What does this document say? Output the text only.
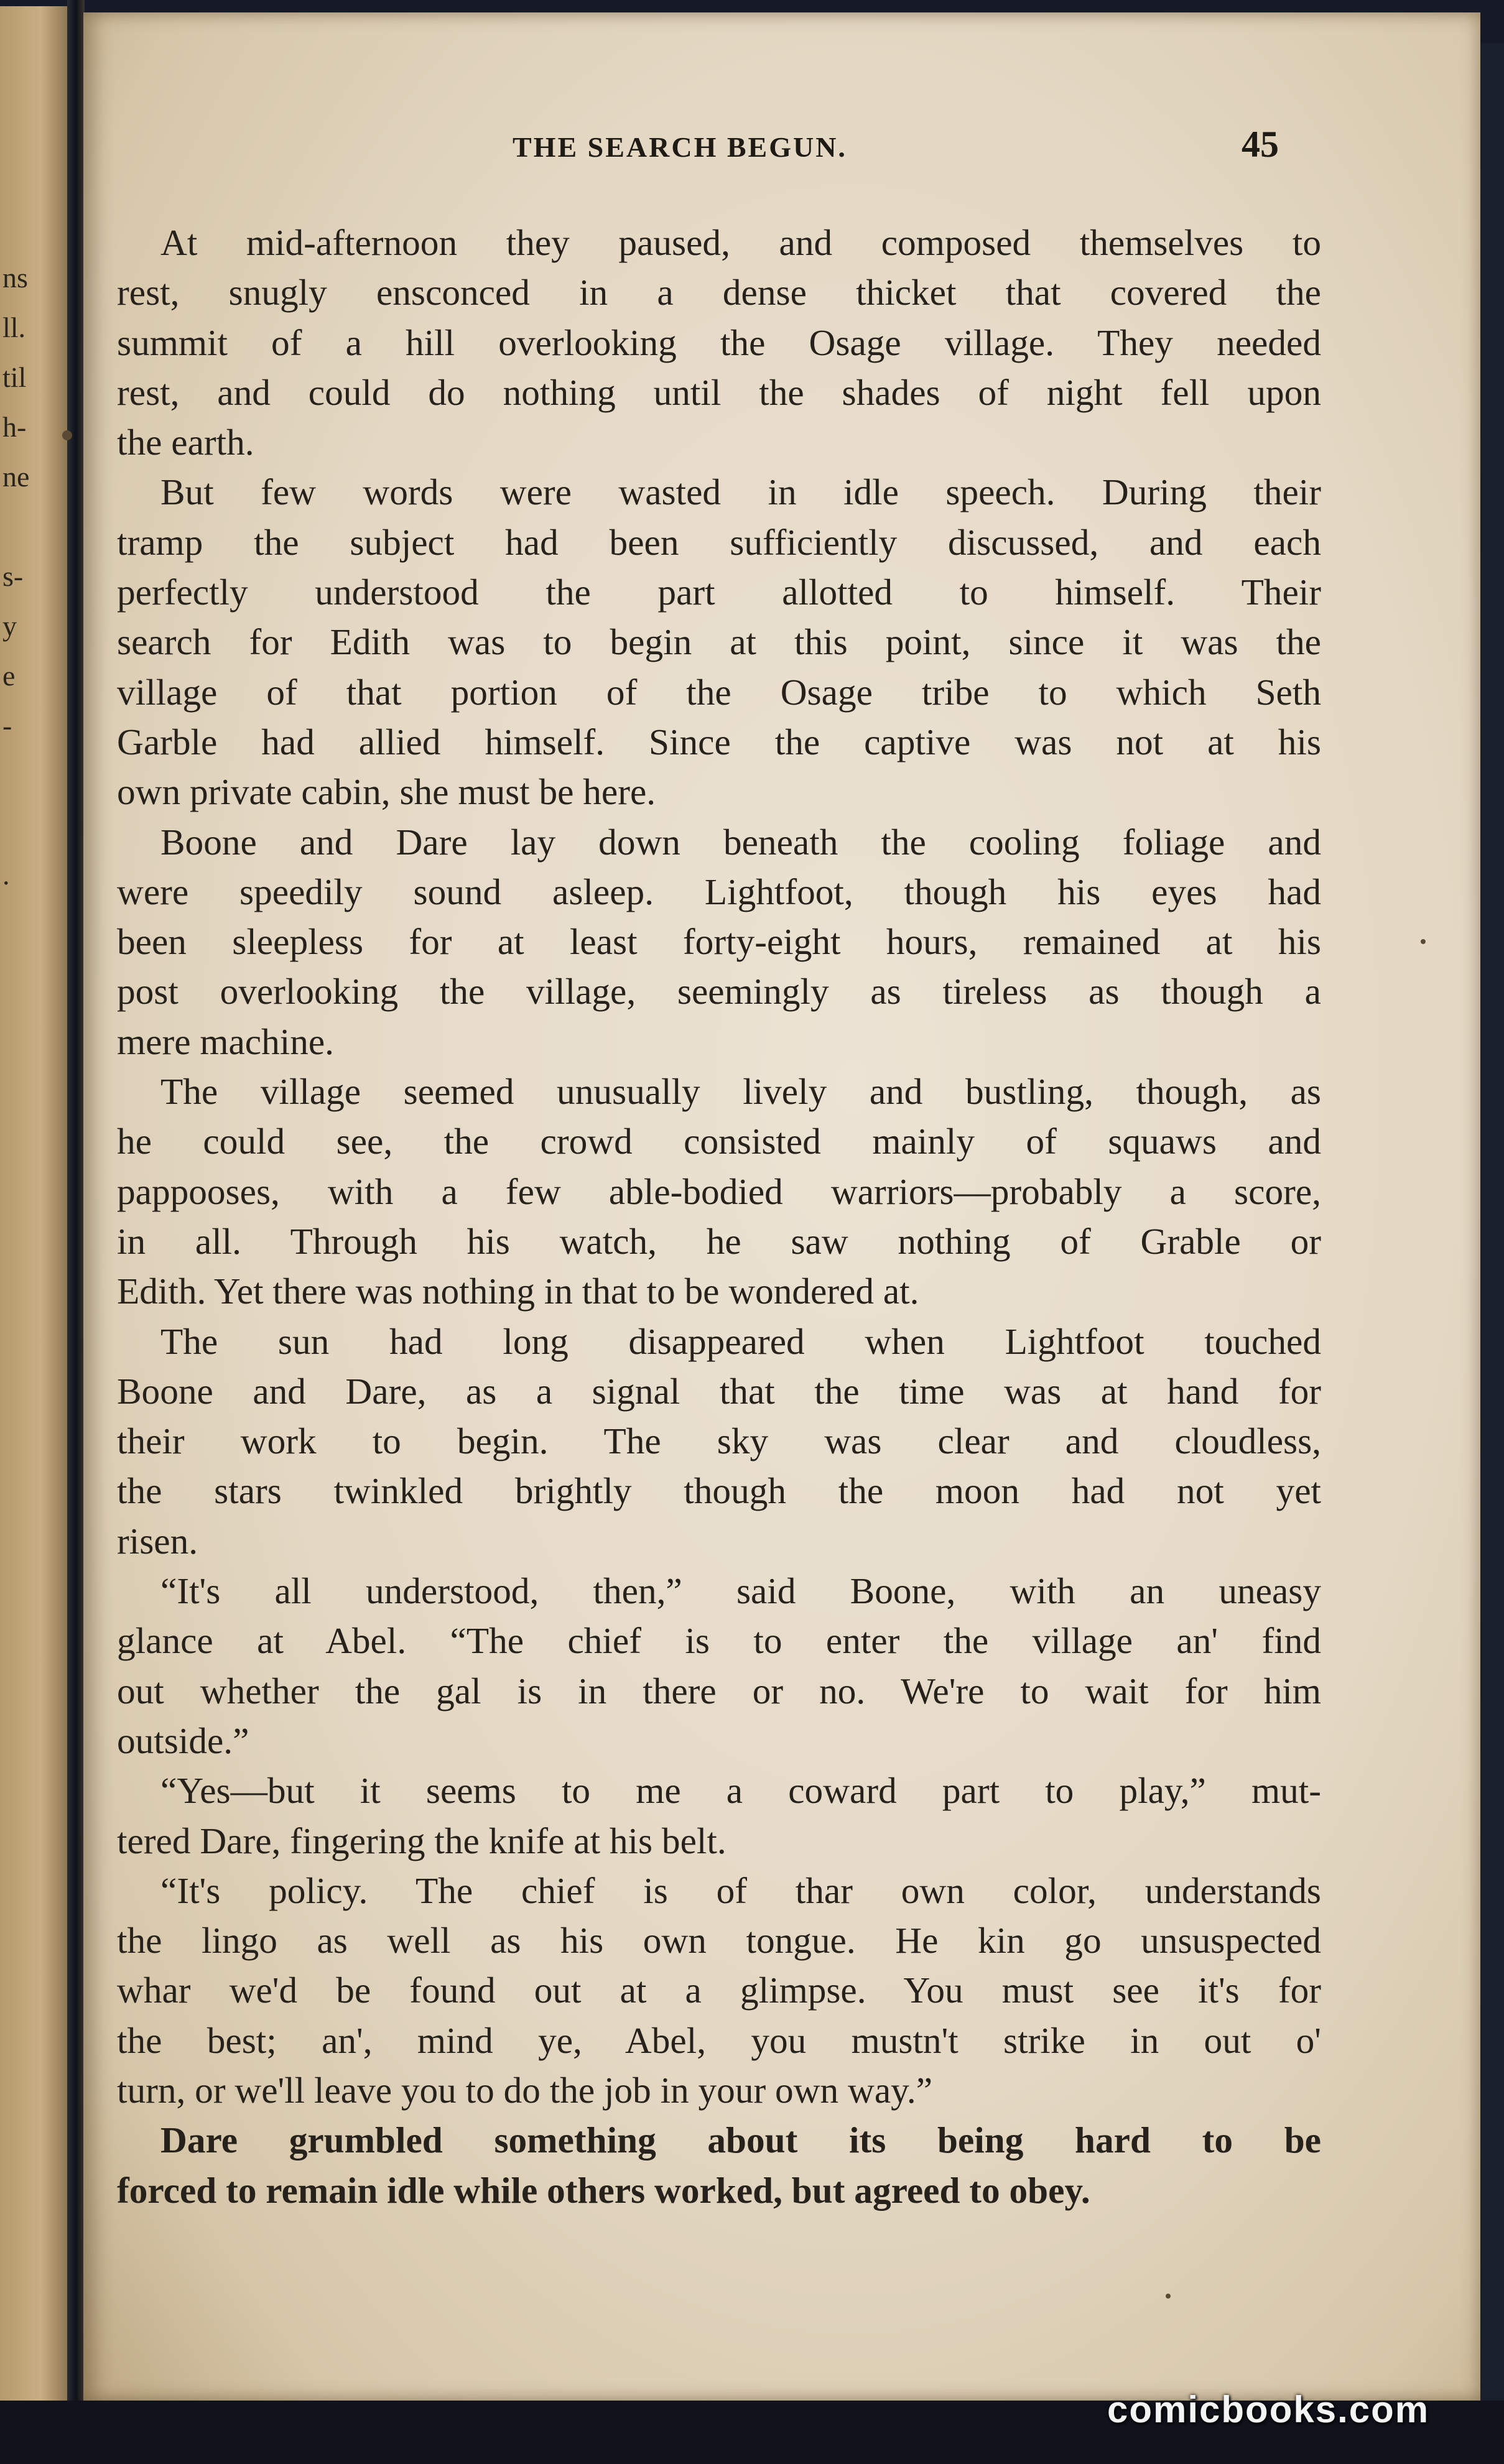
ns
ll.
til
h-
ne
s-
y
e
-
.
THE SEARCH BEGUN.	45
At mid-afternoon they paused, and composed themselves to
rest, snugly ensconced in a dense thicket that covered the
summit of a hill overlooking the Osage village. They needed
rest, and could do nothing until the shades of night fell upon
the earth.
But few words were wasted in idle speech. During their
tramp the subject had been sufficiently discussed, and each
perfectly understood the part allotted to himself. Their
search for Edith was to begin at this point, since it was the
village of that portion of the Osage tribe to which Seth
Garble had allied himself. Since the captive was not at his
own private cabin, she must be here.
Boone and Dare lay down beneath the cooling foliage and
were speedily sound asleep. Lightfoot, though his eyes had
been sleepless for at least forty-eight hours, remained at his
post overlooking the village, seemingly as tireless as though a
mere machine.
The village seemed unusually lively and bustling, though, as
he could see, the crowd consisted mainly of squaws and
pappooses, with a few able-bodied warriors—probably a score,
in all. Through his watch, he saw nothing of Grable or
Edith. Yet there was nothing in that to be wondered at.
The sun had long disappeared when Lightfoot touched
Boone and Dare, as a signal that the time was at hand for
their work to begin. The sky was clear and cloudless,
the stars twinkled brightly though the moon had not yet
risen.
“It's all understood, then,” said Boone, with an uneasy
glance at Abel. “The chief is to enter the village an' find
out whether the gal is in there or no. We're to wait for him
outside.”
“Yes—but it seems to me a coward part to play,” mut-
tered Dare, fingering the knife at his belt.
“It's policy. The chief is of thar own color, understands
the lingo as well as his own tongue. He kin go unsuspected
whar we'd be found out at a glimpse. You must see it's for
the best; an', mind ye, Abel, you mustn't strike in out o'
turn, or we'll leave you to do the job in your own way.”
Dare grumbled something about its being hard to be
forced to remain idle while others worked, but agreed to obey.
comicbooks.com
